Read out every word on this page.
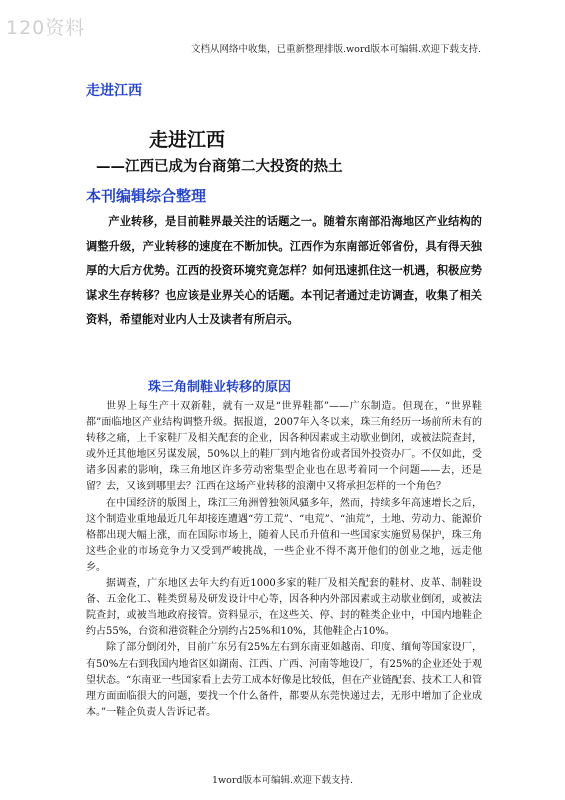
120资料
文档从网络中收集，已重新整理排版.word版本可编辑.欢迎下载支持.
走进江西
走进江西
——江西已成为台商第二大投资的热土
本刊编辑综合整理

产业转移，是目前鞋界最关注的话题之一。随着东南部沿海地区产业结构的调整升级，产业转移的速度在不断加快。江西作为东南部近邻省份，具有得天独厚的大后方优势。江西的投资环境究竟怎样？如何迅速抓住这一机遇，积极应势谋求生存转移？也应该是业界关心的话题。本刊记者通过走访调查，收集了相关资料，希望能对业内人士及读者有所启示。

珠三角制鞋业转移的原因

世界上每生产十双新鞋，就有一双是“世界鞋都”——广东制造。但现在，“世界鞋都”面临地区产业结构调整升级。据报道，2007年入冬以来，珠三角经历一场前所未有的转移之痛，上千家鞋厂及相关配套的企业，因各种因素或主动歇业倒闭，或被法院查封，或外迁其他地区另谋发展，50%以上的鞋厂到内地省份或者国外投资办厂。不仅如此，受诸多因素的影响，珠三角地区许多劳动密集型企业也在思考着同一个问题——去，还是留？去，又该到哪里去？江西在这场产业转移的浪潮中又将承担怎样的一个角色？

在中国经济的版图上，珠江三角洲曾独领风骚多年，然而，持续多年高速增长之后，这个制造业重地最近几年却接连遭遇“劳工荒”、“电荒”、“油荒”，土地、劳动力、能源价格都出现大幅上涨，而在国际市场上，随着人民币升值和一些国家实施贸易保护，珠三角这些企业的市场竞争力又受到严峻挑战，一些企业不得不离开他们的创业之地，远走他乡。

据调查，广东地区去年大约有近1000多家的鞋厂及相关配套的鞋材、皮革、制鞋设备、五金化工、鞋类贸易及研发设计中心等，因各种内外部因素或主动歇业倒闭，或被法院查封，或被当地政府接管。资料显示，在这些关、停、封的鞋类企业中，中国内地鞋企约占55%，台资和港资鞋企分别约占25%和10%，其他鞋企占10%。

除了部分倒闭外，目前广东另有25%左右到东南亚如越南、印度、缅甸等国家设厂，有50%左右到我国内地省区如湖南、江西、广西、河南等地设厂，有25%的企业还处于观望状态。“东南亚一些国家看上去劳工成本好像是比较低，但在产业链配套、技术工人和管理方面面临很大的问题，要找一个什么备件，都要从东莞快递过去，无形中增加了企业成本。”一鞋企负责人告诉记者。

1word版本可编辑.欢迎下载支持.
